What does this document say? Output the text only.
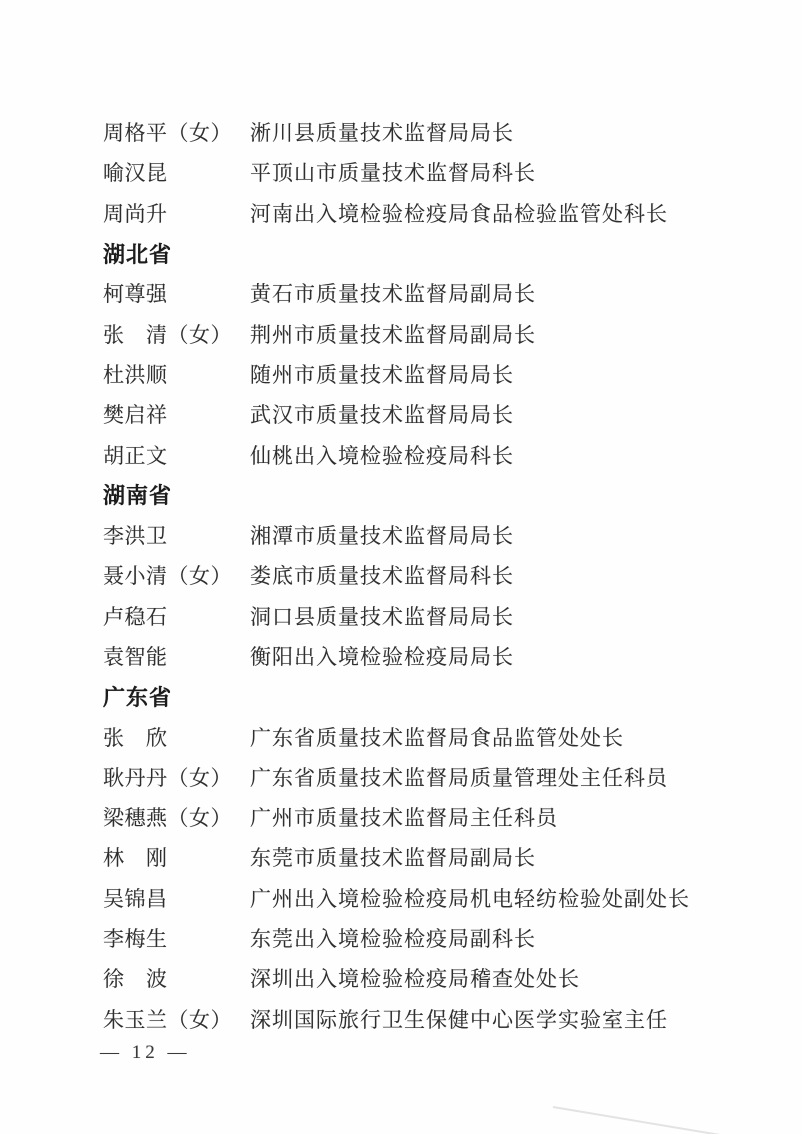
周格平（女） 淅川县质量技术监督局局长
喻汉昆	平顶山市质量技术监督局科长
周尚升	河南出入境检验检疫局食品检验监管处科长
湖北省
柯尊强	黄石市质量技术监督局副局长
张　清（女） 荆州市质量技术监督局副局长
杜洪顺	随州市质量技术监督局局长
樊启祥	武汉市质量技术监督局局长
胡正文	仙桃出入境检验检疫局科长
湖南省
李洪卫	湘潭市质量技术监督局局长
聂小清（女） 娄底市质量技术监督局科长
卢稳石	洞口县质量技术监督局局长
袁智能	衡阳出入境检验检疫局局长
广东省
张　欣	广东省质量技术监督局食品监管处处长
耿丹丹（女） 广东省质量技术监督局质量管理处主任科员
梁穗燕（女） 广州市质量技术监督局主任科员
林　刚	东莞市质量技术监督局副局长
吴锦昌	广州出入境检验检疫局机电轻纺检验处副处长
李梅生	东莞出入境检验检疫局副科长
徐　波	深圳出入境检验检疫局稽查处处长
朱玉兰（女） 深圳国际旅行卫生保健中心医学实验室主任
— 12 —
